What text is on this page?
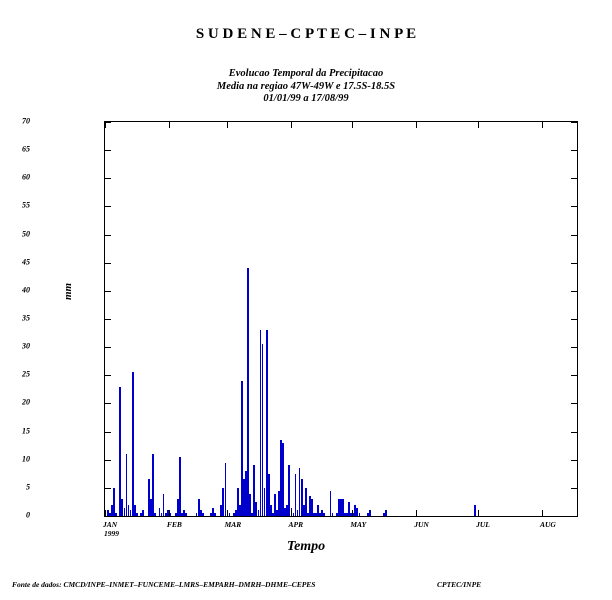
S U D E N E – C P T E C – I N P E
Evolucao Temporal da Precipitacao
Media na regiao 47W-49W e 17.5S-18.5S
01/01/99 a 17/08/99
mm
Tempo
1999
Fonte de dados: CMCD/INPE–INMET–FUNCEME–LMRS–EMPARH–DMRH–DHME–CEPES	CPTEC/INPE
0
5
10
15
20
25
30
35
40
45
50
55
60
65
70
JAN	FEB	MAR	APR	MAY	JUN	JUL	AUG
